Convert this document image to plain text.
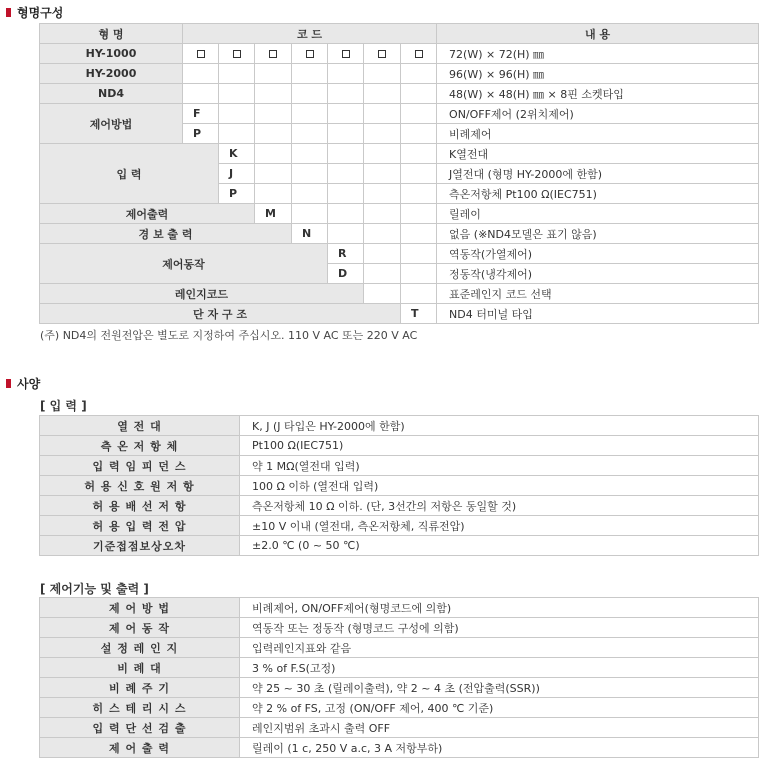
형명구성
형 명	코 드							내 용
HY-1000								72(W) × 72(H) ㎜
HY-2000								96(W) × 96(H) ㎜
ND4								48(W) × 48(H) ㎜ × 8핀 소켓타입
제어방법	F							ON/OFF제어 (2위치제어)
	P							비례제어
입 력		K						K열전대
		J						J열전대 (형명 HY-2000에 한함)
		P						측온저항체 Pt100 Ω(IEC751)
제어출력			M					릴레이
경 보 출 력				N				없음 (※ND4모델은 표기 않음)
제어동작					R			역동작(가열제어)
					D			정동작(냉각제어)
레인지코드								표준레인지 코드 선택
단 자 구 조							T	ND4 터미널 타입
(주) ND4의 전원전압은 별도로 지정하여 주십시오. 110 V AC 또는 220 V AC
사양
[ 입 력 ]
열 전 대	K, J (J 타입은 HY-2000에 한함)
측 온 저 항 체	Pt100 Ω(IEC751)
입 력 임 피 던 스	약 1 MΩ(열전대 입력)
허 용 신 호 원 저 항	100 Ω 이하 (열전대 입력)
허 용 배 선 저 항	측온저항체 10 Ω 이하. (단, 3선간의 저항은 동일할 것)
허 용 입 력 전 압	±10 V 이내 (열전대, 측온저항체, 직류전압)
기준접점보상오차	±2.0 ℃ (0 ~ 50 ℃)
[ 제어기능 및 출력 ]
제 어 방 법	비례제어, ON/OFF제어(형명코드에 의함)
제 어 동 작	역동작 또는 정동작 (형명코드 구성에 의함)
설 정 레 인 지	입력레인지표와 같음
비 례 대	3 % of F.S(고정)
비 례 주 기	약 25 ~ 30 초 (릴레이출력), 약 2 ~ 4 초 (전압출력(SSR))
히 스 테 리 시 스	약 2 % of FS, 고정 (ON/OFF 제어, 400 ℃ 기준)
입 력 단 선 검 출	레인지범위 초과시 출력 OFF
제 어 출 력	릴레이 (1 c, 250 V a.c, 3 A 저항부하)
